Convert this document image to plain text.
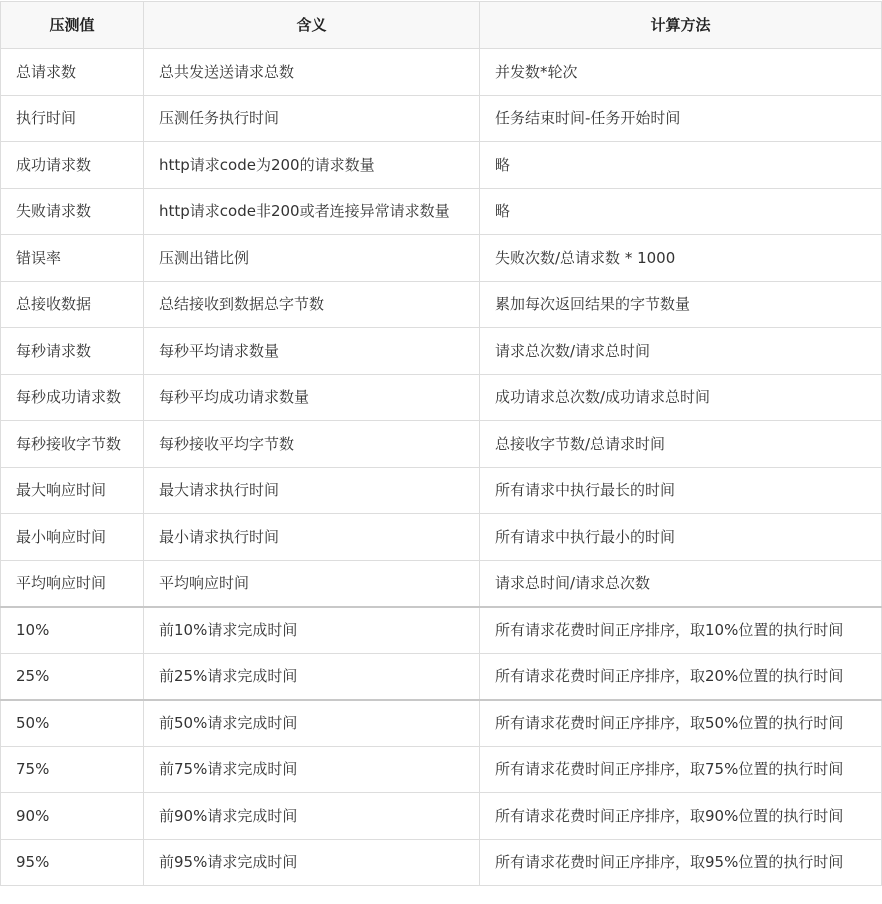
压测值	含义	计算方法
总请求数	总共发送送请求总数	并发数*轮次
执行时间	压测任务执行时间	任务结束时间-任务开始时间
成功请求数	http请求code为200的请求数量	略
失败请求数	http请求code非200或者连接异常请求数量	略
错误率	压测出错比例	失败次数/总请求数 * 1000
总接收数据	总结接收到数据总字节数	累加每次返回结果的字节数量
每秒请求数	每秒平均请求数量	请求总次数/请求总时间
每秒成功请求数	每秒平均成功请求数量	成功请求总次数/成功请求总时间
每秒接收字节数	每秒接收平均字节数	总接收字节数/总请求时间
最大响应时间	最大请求执行时间	所有请求中执行最长的时间
最小响应时间	最小请求执行时间	所有请求中执行最小的时间
平均响应时间	平均响应时间	请求总时间/请求总次数
10%	前10%请求完成时间	所有请求花费时间正序排序，取10%位置的执行时间
25%	前25%请求完成时间	所有请求花费时间正序排序，取20%位置的执行时间
50%	前50%请求完成时间	所有请求花费时间正序排序，取50%位置的执行时间
75%	前75%请求完成时间	所有请求花费时间正序排序，取75%位置的执行时间
90%	前90%请求完成时间	所有请求花费时间正序排序，取90%位置的执行时间
95%	前95%请求完成时间	所有请求花费时间正序排序，取95%位置的执行时间
